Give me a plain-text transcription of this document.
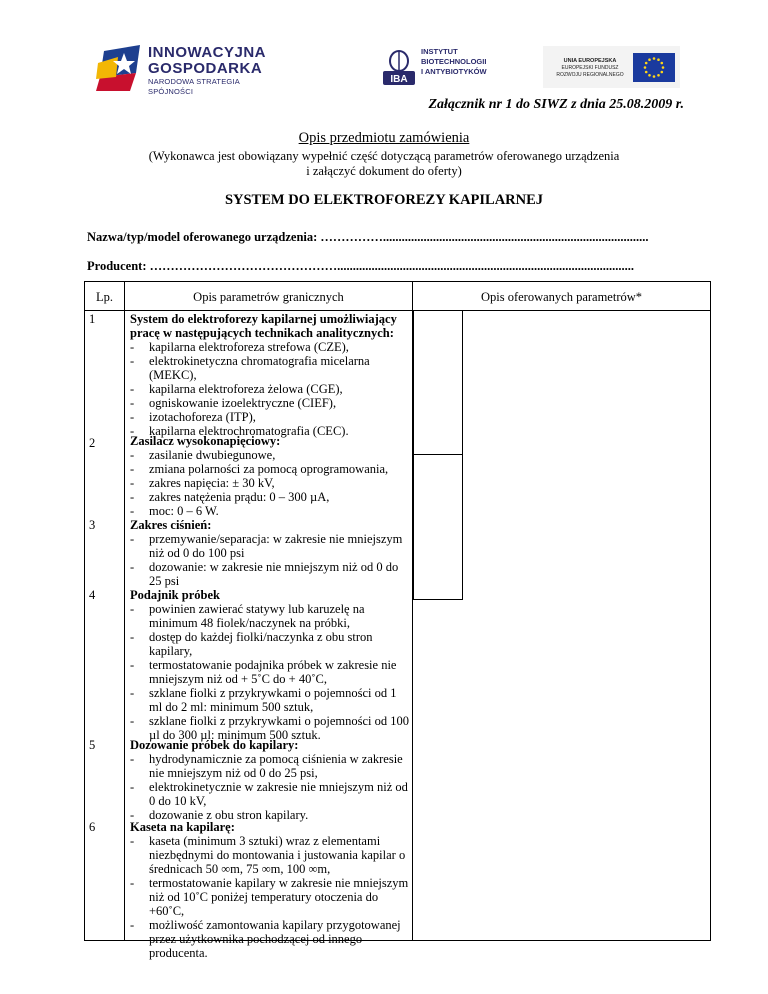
INNOWACYJNA
GOSPODARKA
NARODOWA STRATEGIA SPÓJNOŚCI
IBA
INSTYTUT
BIOTECHNOLOGII
I ANTYBIOTYKÓW
UNIA EUROPEJSKA
EUROPEJSKI FUNDUSZ
ROZWOJU REGIONALNEGO
Załącznik nr 1 do SIWZ z dnia 25.08.2009 r.
Opis przedmiotu zamówienia
(Wykonawca jest obowiązany wypełnić część dotyczącą parametrów oferowanego urządzenia
i załączyć dokument do oferty)
SYSTEM DO ELEKTROFOREZY KAPILARNEJ
Nazwa/typ/model oferowanego urządzenia: …………….....................................................................................
Producent: ………………………………………...............................................................................................
Lp.	Opis parametrów granicznych	Opis oferowanych parametrów*
1	System do elektroforezy kapilarnej umożliwiający pracę w następujących technikach analitycznych:
- kapilarna elektroforeza strefowa (CZE),
- elektrokinetyczna chromatografia micelarna (MEKC),
- kapilarna elektroforeza żelowa (CGE),
- ogniskowanie izoelektryczne (CIEF),
- izotachoforeza (ITP),
- kapilarna elektrochromatografia (CEC).
2	Zasilacz wysokonapięciowy:
- zasilanie dwubiegunowe,
- zmiana polarności za pomocą oprogramowania,
- zakres napięcia: ± 30 kV,
- zakres natężenia prądu: 0 – 300 µA,
- moc: 0 – 6 W.
3	Zakres ciśnień:
- przemywanie/separacja: w zakresie nie mniejszym niż od 0 do 100 psi
- dozowanie: w zakresie nie mniejszym niż od 0 do 25 psi
4	Podajnik próbek
- powinien zawierać statywy lub karuzelę na minimum 48 fiolek/naczynek na próbki,
- dostęp do każdej fiolki/naczynka z obu stron kapilary,
- termostatowanie podajnika próbek w zakresie nie mniejszym niż od + 5˚C do + 40˚C,
- szklane fiolki z przykrywkami o pojemności od 1 ml do 2 ml: minimum 500 sztuk,
- szklane fiolki z przykrywkami o pojemności od 100 µl do 300 µl: minimum 500 sztuk.
5	Dozowanie próbek do kapilary:
- hydrodynamicznie za pomocą ciśnienia w zakresie nie mniejszym niż od 0 do 25 psi,
- elektrokinetycznie w zakresie nie mniejszym niż od 0 do 10 kV,
- dozowanie z obu stron kapilary.
6	Kaseta na kapilarę:
- kaseta (minimum 3 sztuki) wraz z elementami niezbędnymi do montowania i justowania kapilar o średnicach 50 ∞m, 75 ∞m, 100 ∞m,
- termostatowanie kapilary w zakresie nie mniejszym niż od 10˚C poniżej temperatury otoczenia do +60˚C,
- możliwość zamontowania kapilary przygotowanej przez użytkownika pochodzącej od innego producenta.
